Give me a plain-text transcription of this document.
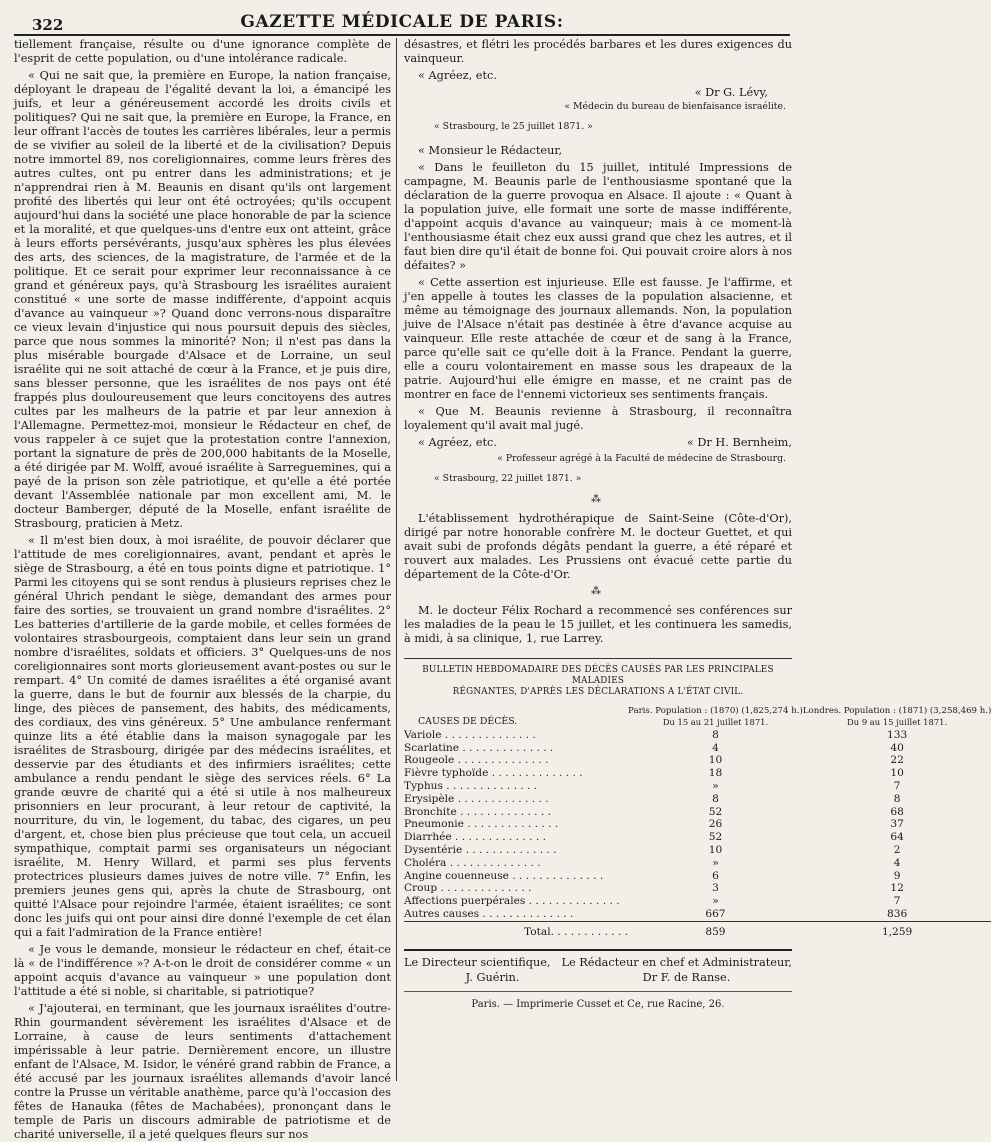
322	GAZETTE MÉDICALE DE PARIS:

tiellement française, résulte ou d'une ignorance complète de l'esprit de cette population, ou d'une intolérance radicale.

« Qui ne sait que, la première en Europe, la nation française, déployant le drapeau de l'égalité devant la loi, a émancipé les juifs, et leur a généreusement accordé les droits civils et politiques? Qui ne sait que, la première en Europe, la France, en leur offrant l'accès de toutes les carrières libérales, leur a permis de se vivifier au soleil de la liberté et de la civilisation? Depuis notre immortel 89, nos coreligionnaires, comme leurs frères des autres cultes, ont pu entrer dans les administrations; et je n'apprendrai rien à M. Beaunis en disant qu'ils ont largement profité des libertés qui leur ont été octroyées; qu'ils occupent aujourd'hui dans la société une place honorable de par la science et la moralité, et que quelques-uns d'entre eux ont atteint, grâce à leurs efforts persévérants, jusqu'aux sphères les plus élevées des arts, des sciences, de la magistrature, de l'armée et de la politique. Et ce serait pour exprimer leur reconnaissance à ce grand et généreux pays, qu'à Strasbourg les israélites auraient constitué « une sorte de masse indifférente, d'appoint acquis d'avance au vainqueur »? Quand donc verrons-nous disparaître ce vieux levain d'injustice qui nous poursuit depuis des siècles, parce que nous sommes la minorité? Non; il n'est pas dans la plus misérable bourgade d'Alsace et de Lorraine, un seul israélite qui ne soit attaché de cœur à la France, et je puis dire, sans blesser personne, que les israélites de nos pays ont été frappés plus douloureusement que leurs concitoyens des autres cultes par les malheurs de la patrie et par leur annexion à l'Allemagne. Permettez-moi, monsieur le Rédacteur en chef, de vous rappeler à ce sujet que la protestation contre l'annexion, portant la signature de près de 200,000 habitants de la Moselle, a été dirigée par M. Wolff, avoué israélite à Sarreguemines, qui a payé de la prison son zèle patriotique, et qu'elle a été portée devant l'Assemblée nationale par mon excellent ami, M. le docteur Bamberger, député de la Moselle, enfant israélite de Strasbourg, praticien à Metz.

« Il m'est bien doux, à moi israélite, de pouvoir déclarer que l'attitude de mes coreligionnaires, avant, pendant et après le siège de Strasbourg, a été en tous points digne et patriotique. 1° Parmi les citoyens qui se sont rendus à plusieurs reprises chez le général Uhrich pendant le siège, demandant des armes pour faire des sorties, se trouvaient un grand nombre d'israélites. 2° Les batteries d'artillerie de la garde mobile, et celles formées de volontaires strasbourgeois, comptaient dans leur sein un grand nombre d'israélites, soldats et officiers. 3° Quelques-uns de nos coreligionnaires sont morts glorieusement avant-postes ou sur le rempart. 4° Un comité de dames israélites a été organisé avant la guerre, dans le but de fournir aux blessés de la charpie, du linge, des pièces de pansement, des habits, des médicaments, des cordiaux, des vins généreux. 5° Une ambulance renfermant quinze lits a été établie dans la maison synagogale par les israélites de Strasbourg, dirigée par des médecins israélites, et desservie par des étudiants et des infirmiers israélites; cette ambulance a rendu pendant le siège des services réels. 6° La grande œuvre de charité qui a été si utile à nos malheureux prisonniers en leur procurant, à leur retour de captivité, la nourriture, du vin, le logement, du tabac, des cigares, un peu d'argent, et, chose bien plus précieuse que tout cela, un accueil sympathique, comptait parmi ses organisateurs un négociant israélite, M. Henry Willard, et parmi ses plus fervents protectrices plusieurs dames juives de notre ville. 7° Enfin, les premiers jeunes gens qui, après la chute de Strasbourg, ont quitté l'Alsace pour rejoindre l'armée, étaient israélites; ce sont donc les juifs qui ont pour ainsi dire donné l'exemple de cet élan qui a fait l'admiration de la France entière!

« Je vous le demande, monsieur le rédacteur en chef, était-ce là « de l'indifférence »? A-t-on le droit de considérer comme « un appoint acquis d'avance au vainqueur » une population dont l'attitude a été si noble, si charitable, si patriotique?

« J'ajouterai, en terminant, que les journaux israélites d'outre-Rhin gourmandent sévèrement les israélites d'Alsace et de Lorraine, à cause de leurs sentiments d'attachement impérissable à leur patrie. Dernièrement encore, un illustre enfant de l'Alsace, M. Isidor, le vénéré grand rabbin de France, a été accusé par les journaux israélites allemands d'avoir lancé contre la Prusse un véritable anathème, parce qu'à l'occasion des fêtes de Hanauka (fêtes de Machabées), prononçant dans le temple de Paris un discours admirable de patriotisme et de charité universelle, il a jeté quelques fleurs sur nos

désastres, et flétri les procédés barbares et les dures exigences du vainqueur.

« Agréez, etc.

« Dr G. Lévy,
« Médecin du bureau de bienfaisance israélite.
« Strasbourg, le 25 juillet 1871. »

« Monsieur le Rédacteur,

« Dans le feuilleton du 15 juillet, intitulé Impressions de campagne, M. Beaunis parle de l'enthousiasme spontané que la déclaration de la guerre provoqua en Alsace. Il ajoute : « Quant à la population juive, elle formait une sorte de masse indifférente, d'appoint acquis d'avance au vainqueur; mais à ce moment-là l'enthousiasme était chez eux aussi grand que chez les autres, et il faut bien dire qu'il était de bonne foi. Qui pouvait croire alors à nos défaites? »

« Cette assertion est injurieuse. Elle est fausse. Je l'affirme, et j'en appelle à toutes les classes de la population alsacienne, et même au témoignage des journaux allemands. Non, la population juive de l'Alsace n'était pas destinée à être d'avance acquise au vainqueur. Elle reste attachée de cœur et de sang à la France, parce qu'elle sait ce qu'elle doit à la France. Pendant la guerre, elle a couru volontairement en masse sous les drapeaux de la patrie. Aujourd'hui elle émigre en masse, et ne craint pas de montrer en face de l'ennemi victorieux ses sentiments français.

« Que M. Beaunis revienne à Strasbourg, il reconnaîtra loyalement qu'il avait mal jugé.

« Agréez, etc.	« Dr H. Bernheim,
« Professeur agrégé à la Faculté de médecine de Strasbourg.
« Strasbourg, 22 juillet 1871. »
⁂

L'établissement hydrothérapique de Saint-Seine (Côte-d'Or), dirigé par notre honorable confrère M. le docteur Guettet, et qui avait subi de profonds dégâts pendant la guerre, a été réparé et rouvert aux malades. Les Prussiens ont évacué cette partie du département de la Côte-d'Or.

⁂

M. le docteur Félix Rochard a recommencé ses conférences sur les maladies de la peau le 15 juillet, et les continuera les samedis, à midi, à sa clinique, 1, rue Larrey.

BULLETIN HEBDOMADAIRE DES DÉCÈS CAUSÉS PAR LES PRINCIPALES MALADIES
RÉGNANTES, D'APRÈS LES DÉCLARATIONS A L'ÉTAT CIVIL.
CAUSES DE DÉCÈS.	Paris. Population : (1870) (1,825,274 h.)	Londres. Population : (1871) (3,258,469 h.)
	Du 15 au 21 juillet 1871.	Du 9 au 15 juillet 1871.
Variole . . . . . . . . . . . . . .	8	133
Scarlatine . . . . . . . . . . . . . .	4	40
Rougeole . . . . . . . . . . . . . .	10	22
Fièvre typhoïde . . . . . . . . . . . . . .	18	10
Typhus . . . . . . . . . . . . . .	»	7
Erysipèle . . . . . . . . . . . . . .	8	8
Bronchite . . . . . . . . . . . . . .	52	68
Pneumonie . . . . . . . . . . . . . .	26	37
Diarrhée . . . . . . . . . . . . . .	52	64
Dysentérie . . . . . . . . . . . . . .	10	2
Choléra . . . . . . . . . . . . . .	»	4
Angine couenneuse . . . . . . . . . . . . . .	6	9
Croup . . . . . . . . . . . . . .	3	12
Affections puerpérales . . . . . . . . . . . . . .	»	7
Autres causes . . . . . . . . . . . . . .	667	836
Total. . . . . . . . . . . .	859	1,259
Le Directeur scientifique, Le Rédacteur en chef et Administrateur,
J. Guérin.	Dr F. de Ranse.
Paris. — Imprimerie Cusset et Ce, rue Racine, 26.
